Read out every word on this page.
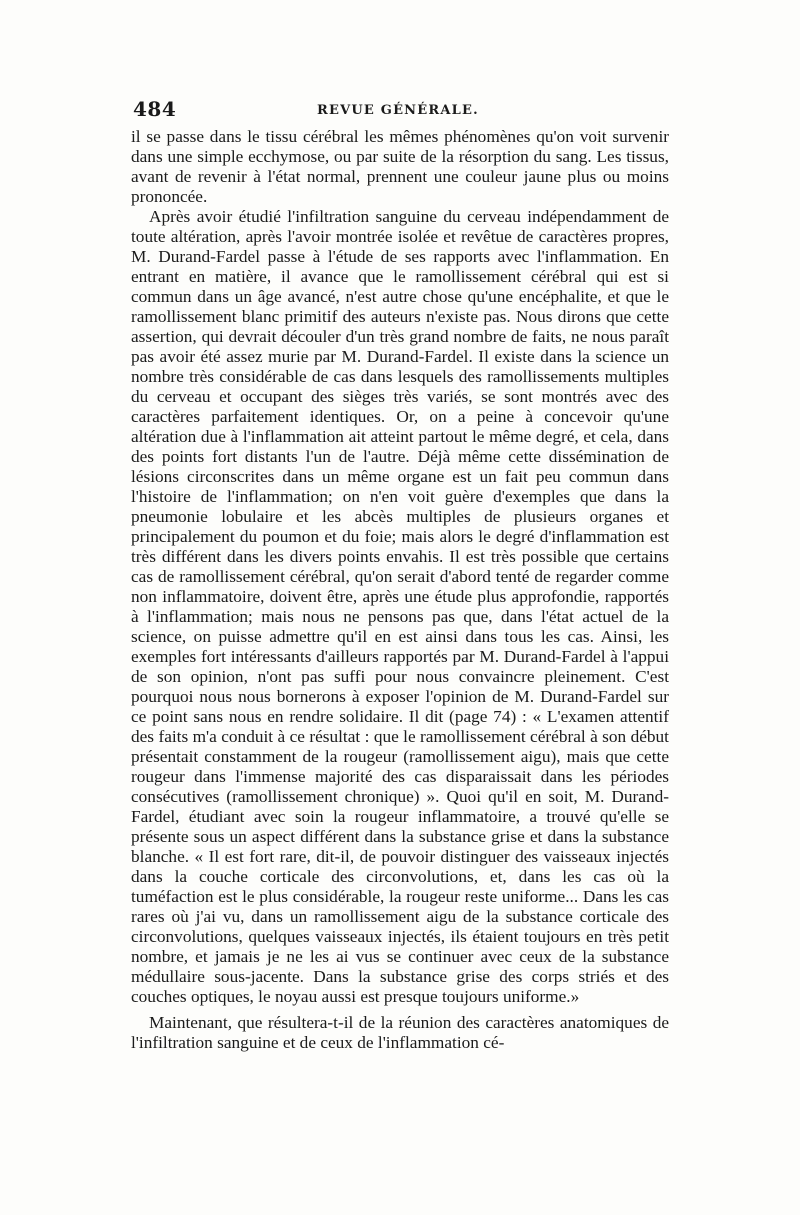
484	REVUE GÉNÉRALE.

il se passe dans le tissu cérébral les mêmes phénomènes qu'on voit survenir dans une simple ecchymose, ou par suite de la résorption du sang. Les tissus, avant de revenir à l'état normal, prennent une couleur jaune plus ou moins prononcée.

Après avoir étudié l'infiltration sanguine du cerveau indépendamment de toute altération, après l'avoir montrée isolée et revêtue de caractères propres, M. Durand-Fardel passe à l'étude de ses rapports avec l'inflammation. En entrant en matière, il avance que le ramollissement cérébral qui est si commun dans un âge avancé, n'est autre chose qu'une encéphalite, et que le ramollissement blanc primitif des auteurs n'existe pas. Nous dirons que cette assertion, qui devrait découler d'un très grand nombre de faits, ne nous paraît pas avoir été assez murie par M. Durand-Fardel. Il existe dans la science un nombre très considérable de cas dans lesquels des ramollissements multiples du cerveau et occupant des sièges très variés, se sont montrés avec des caractères parfaitement identiques. Or, on a peine à concevoir qu'une altération due à l'inflammation ait atteint partout le même degré, et cela, dans des points fort distants l'un de l'autre. Déjà même cette dissémination de lésions circonscrites dans un même organe est un fait peu commun dans l'histoire de l'inflammation; on n'en voit guère d'exemples que dans la pneumonie lobulaire et les abcès multiples de plusieurs organes et principalement du poumon et du foie; mais alors le degré d'inflammation est très différent dans les divers points envahis. Il est très possible que certains cas de ramollissement cérébral, qu'on serait d'abord tenté de regarder comme non inflammatoire, doivent être, après une étude plus approfondie, rapportés à l'inflammation; mais nous ne pensons pas que, dans l'état actuel de la science, on puisse admettre qu'il en est ainsi dans tous les cas. Ainsi, les exemples fort intéressants d'ailleurs rapportés par M. Durand-Fardel à l'appui de son opinion, n'ont pas suffi pour nous convaincre pleinement. C'est pourquoi nous nous bornerons à exposer l'opinion de M. Durand-Fardel sur ce point sans nous en rendre solidaire. Il dit (page 74) : « L'examen attentif des faits m'a conduit à ce résultat : que le ramollissement cérébral à son début présentait constamment de la rougeur (ramollissement aigu), mais que cette rougeur dans l'immense majorité des cas disparaissait dans les périodes consécutives (ramollissement chronique) ». Quoi qu'il en soit, M. Durand-Fardel, étudiant avec soin la rougeur inflammatoire, a trouvé qu'elle se présente sous un aspect différent dans la substance grise et dans la substance blanche. « Il est fort rare, dit-il, de pouvoir distinguer des vaisseaux injectés dans la couche corticale des circonvolutions, et, dans les cas où la tuméfaction est le plus considérable, la rougeur reste uniforme... Dans les cas rares où j'ai vu, dans un ramollissement aigu de la substance corticale des circonvolutions, quelques vaisseaux injectés, ils étaient toujours en très petit nombre, et jamais je ne les ai vus se continuer avec ceux de la substance médullaire sous-jacente. Dans la substance grise des corps striés et des couches optiques, le noyau aussi est presque toujours uniforme.»

Maintenant, que résultera-t-il de la réunion des caractères anatomiques de l'infiltration sanguine et de ceux de l'inflammation cé-
